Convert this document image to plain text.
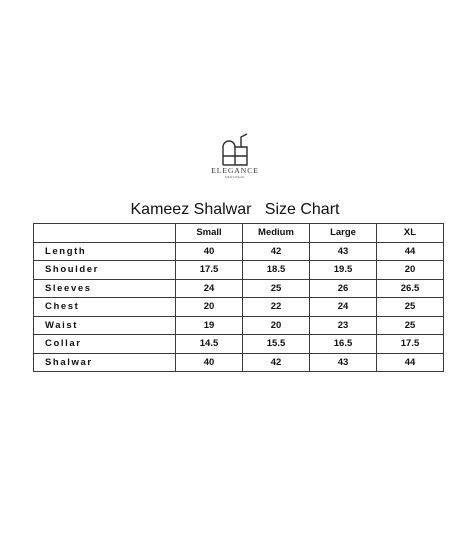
ELEGANCE
MENSWEAR
Kameez Shalwar   Size Chart
	Small	Medium	Large	XL
Length	40	42	43	44
Shoulder	17.5	18.5	19.5	20
Sleeves	24	25	26	26.5
Chest	20	22	24	25
Waist	19	20	23	25
Collar	14.5	15.5	16.5	17.5
Shalwar	40	42	43	44
